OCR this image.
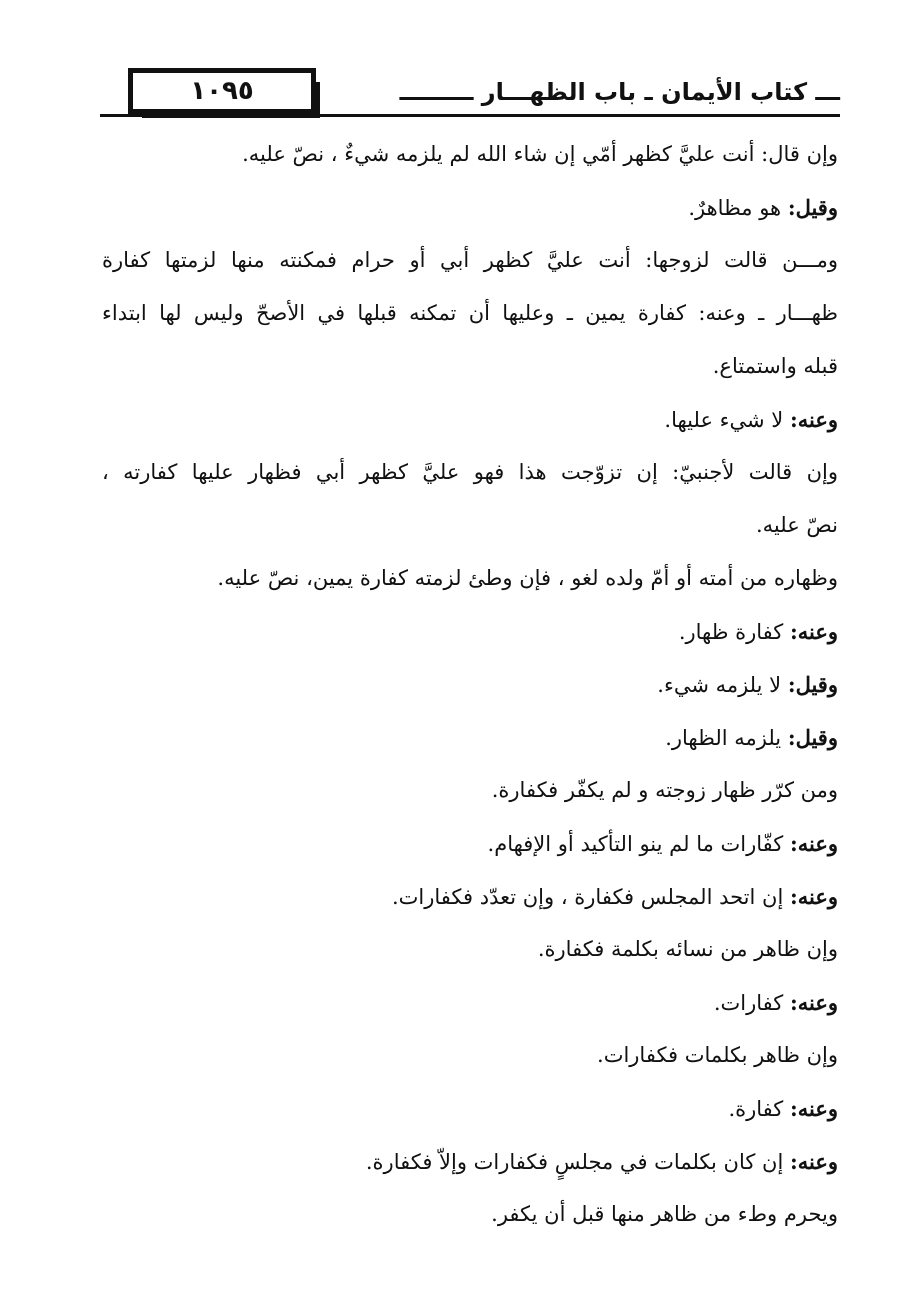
١٠٩٥	ـــ كتاب الأيمان ـ باب الظهـــار ـــــــــ
وإن قال: أنت عليَّ كظهر أمّي إن شاء الله لم يلزمه شيءٌ ، نصّ عليه.
وقيل: هو مظاهرٌ.
ومـــن قالت لزوجها: أنت عليَّ كظهر أبي أو حرام فمكنته منها لزمتها كفارة
ظهـــار ـ وعنه: كفارة يمين ـ وعليها أن تمكنه قبلها في الأصحّ وليس لها ابتداء
قبله واستمتاع.
وعنه: لا شيء عليها.
وإن قالت لأجنبيّ: إن تزوّجت هذا فهو عليَّ كظهر أبي فظهار عليها كفارته ،
نصّ عليه.
وظهاره من أمته أو أمّ ولده لغو ، فإن وطئ لزمته كفارة يمين، نصّ عليه.
وعنه: كفارة ظهار.
وقيل: لا يلزمه شيء.
وقيل: يلزمه الظهار.
ومن كرّر ظهار زوجته و لم يكفّر فكفارة.
وعنه: كفّارات ما لم ينو التأكيد أو الإفهام.
وعنه: إن اتحد المجلس فكفارة ، وإن تعدّد فكفارات.
وإن ظاهر من نسائه بكلمة فكفارة.
وعنه: كفارات.
وإن ظاهر بكلمات فكفارات.
وعنه: كفارة.
وعنه: إن كان بكلمات في مجلسٍ فكفارات وإلاّ فكفارة.
ويحرم وطء من ظاهر منها قبل أن يكفر.
